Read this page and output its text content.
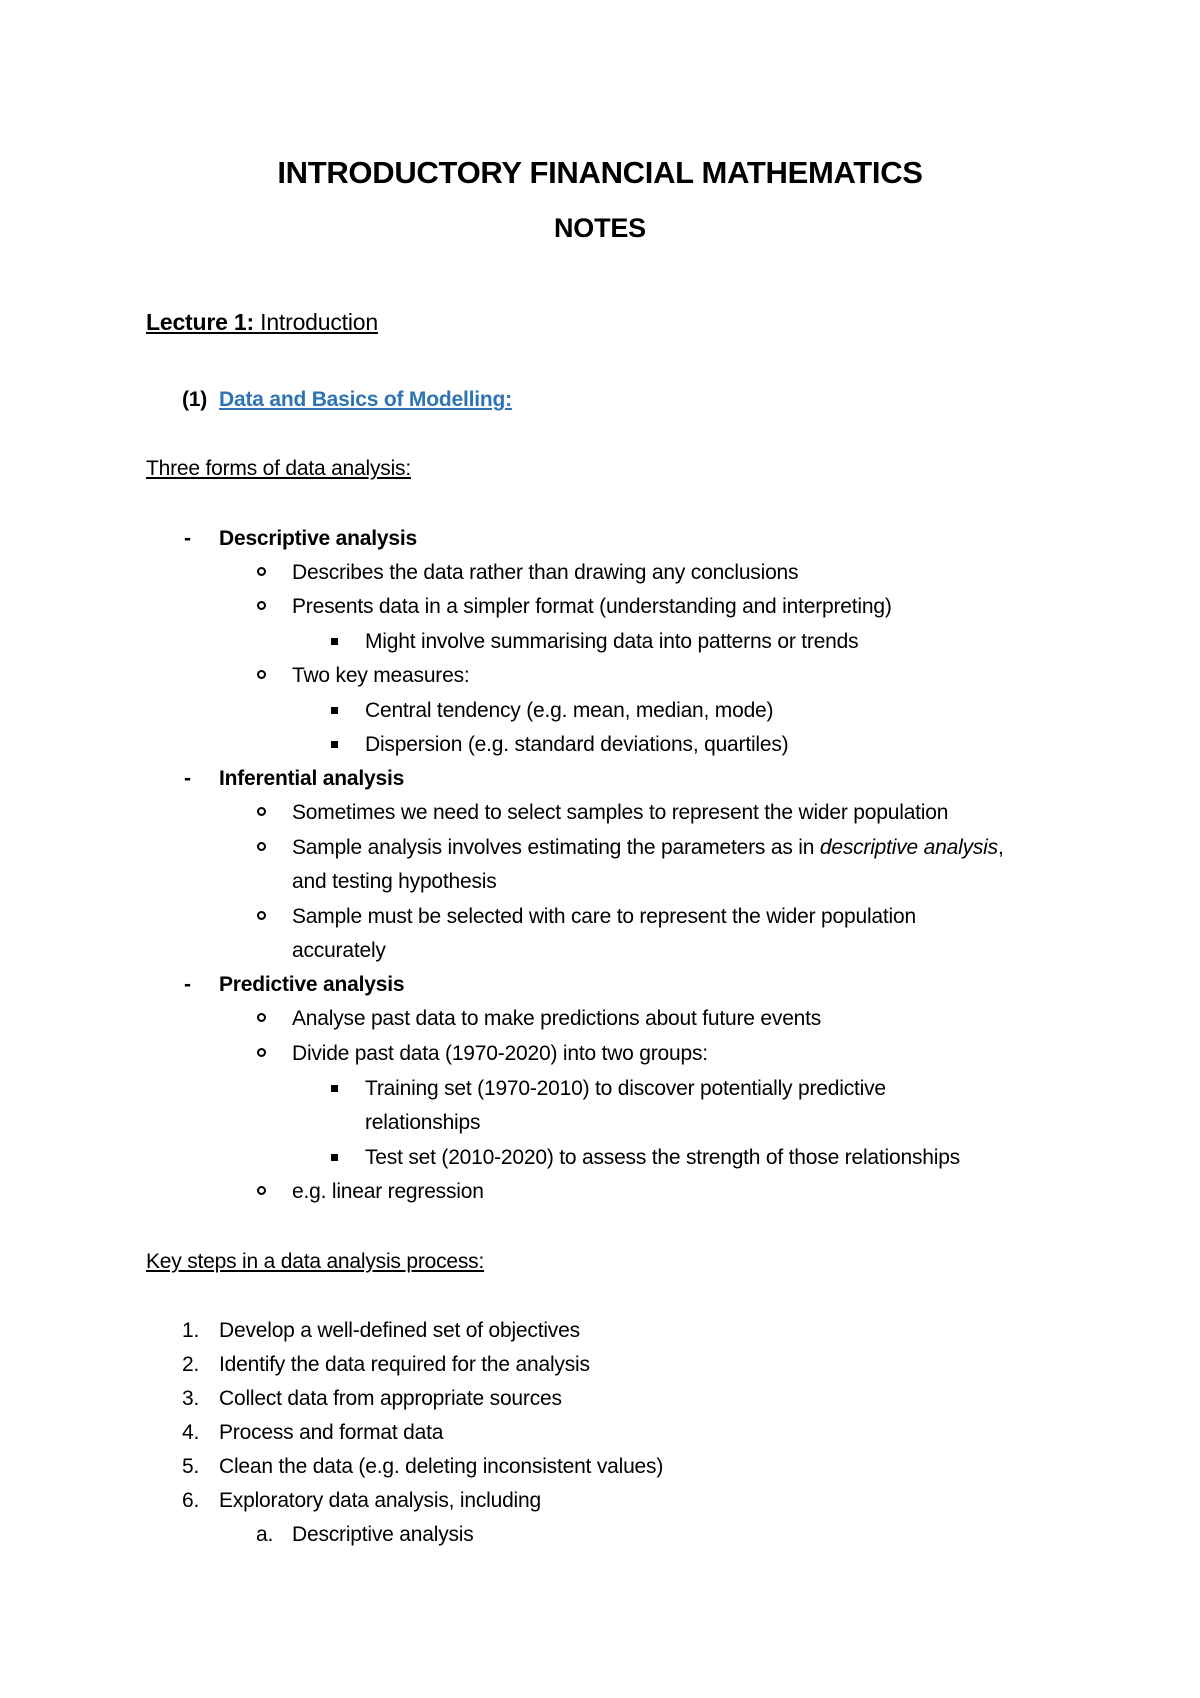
INTRODUCTORY FINANCIAL MATHEMATICS
NOTES
Lecture 1: Introduction
(1) Data and Basics of Modelling:
Three forms of data analysis:
- Descriptive analysis
Describes the data rather than drawing any conclusions
Presents data in a simpler format (understanding and interpreting)
Might involve summarising data into patterns or trends
Two key measures:
Central tendency (e.g. mean, median, mode)
Dispersion (e.g. standard deviations, quartiles)
- Inferential analysis
Sometimes we need to select samples to represent the wider population
Sample analysis involves estimating the parameters as in descriptive analysis,
and testing hypothesis
Sample must be selected with care to represent the wider population
accurately
- Predictive analysis
Analyse past data to make predictions about future events
Divide past data (1970-2020) into two groups:
Training set (1970-2010) to discover potentially predictive
relationships
Test set (2010-2020) to assess the strength of those relationships
e.g. linear regression
Key steps in a data analysis process:
1. Develop a well-defined set of objectives
2. Identify the data required for the analysis
3. Collect data from appropriate sources
4. Process and format data
5. Clean the data (e.g. deleting inconsistent values)
6. Exploratory data analysis, including
a. Descriptive analysis
